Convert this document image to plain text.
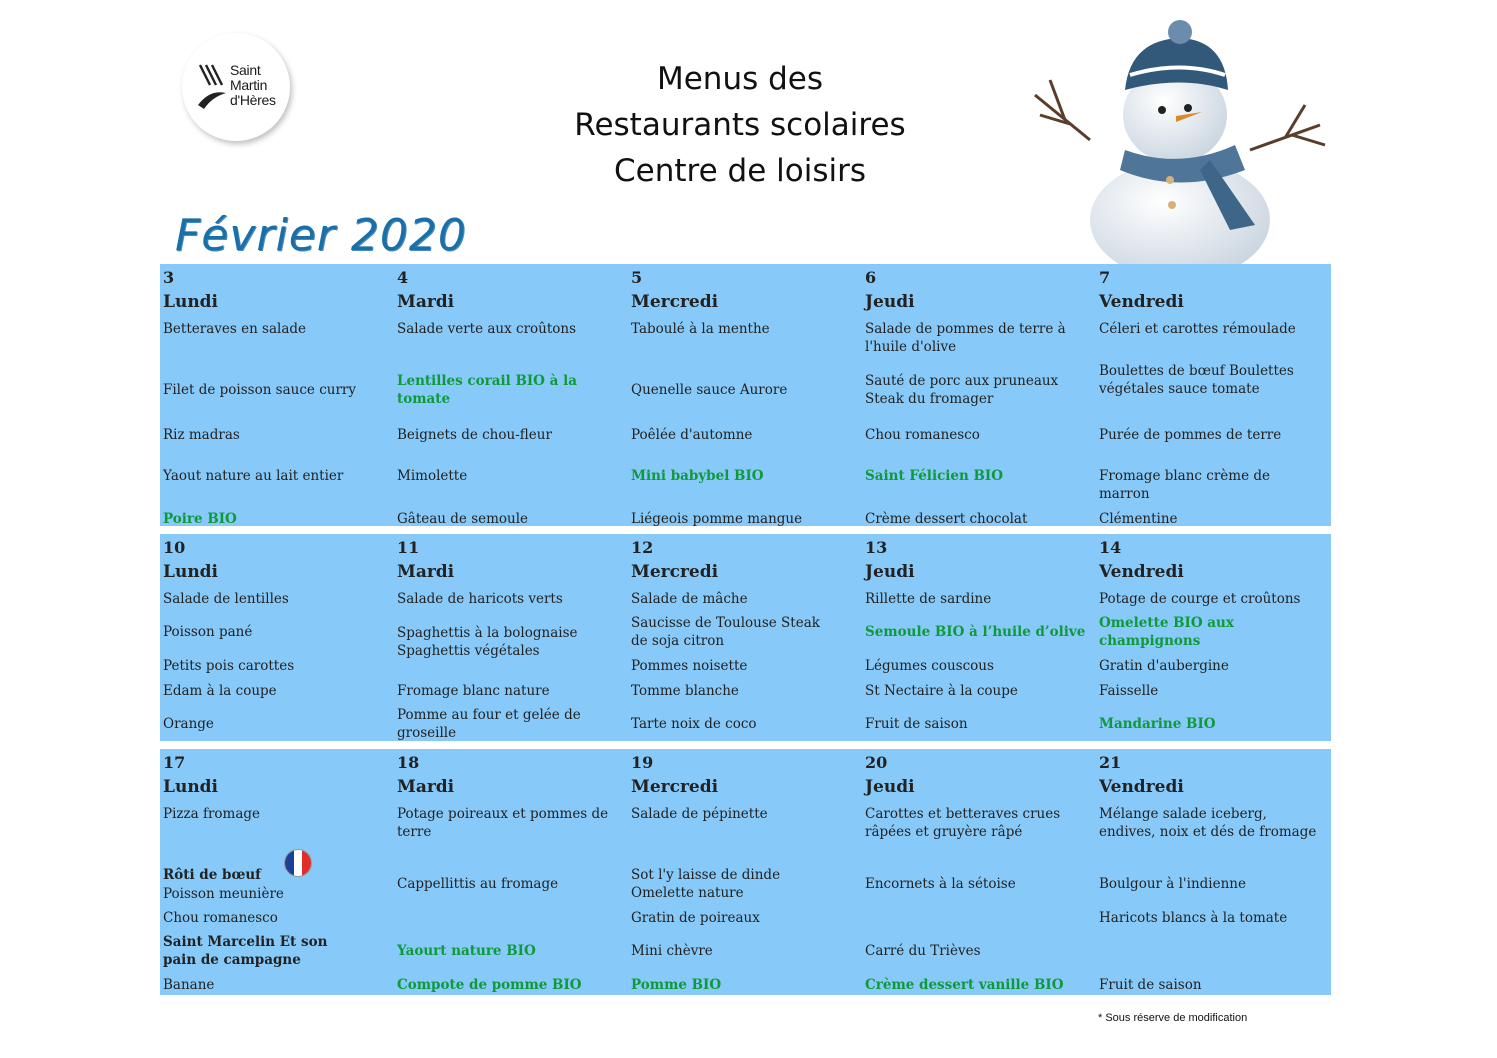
Saint
Martin
d'Hères
Menus des
Restaurants scolaires
Centre de loisirs
Février 2020
3
Lundi
Betteraves en salade
Filet de poisson sauce curry
Riz madras
Yaout nature au lait entier
Poire BIO
4
Mardi
Salade verte aux croûtons
Lentilles corail BIO à la tomate
Beignets de chou-fleur
Mimolette
Gâteau de semoule
5
Mercredi
Taboulé à la menthe
Quenelle sauce Aurore
Poêlée d'automne
Mini babybel BIO
Liégeois pomme mangue
6
Jeudi
Salade de pommes de terre à l'huile d'olive
Sauté de porc aux pruneaux Steak du fromager
Chou romanesco
Saint Félicien BIO
Crème dessert chocolat
7
Vendredi
Céleri et carottes rémoulade
Boulettes de bœuf Boulettes végétales sauce tomate
Purée de pommes de terre
Fromage blanc crème de marron
Clémentine
10
Lundi
Salade de lentilles
Poisson pané
Petits pois carottes
Edam à la coupe
Orange
11
Mardi
Salade de haricots verts
Spaghettis à la bolognaise Spaghettis végétales
Fromage blanc nature
Pomme au four et gelée de groseille
12
Mercredi
Salade de mâche
Saucisse de Toulouse Steak de soja citron
Pommes noisette
Tomme blanche
Tarte noix de coco
13
Jeudi
Rillette de sardine
Semoule BIO à l’huile d’olive
Légumes couscous
St Nectaire à la coupe
Fruit de saison
14
Vendredi
Potage de courge et croûtons
Omelette BIO aux champignons
Gratin d'aubergine
Faisselle
Mandarine BIO
17
Lundi
Pizza fromage
Rôti de bœuf
Poisson meunière
Chou romanesco
Saint Marcelin Et son pain de campagne
Banane
18
Mardi
Potage poireaux et pommes de terre
Cappellittis au fromage
Yaourt nature BIO
Compote de pomme BIO
19
Mercredi
Salade de pépinette
Sot l'y laisse de dinde Omelette nature
Gratin de poireaux
Mini chèvre
Pomme BIO
20
Jeudi
Carottes et betteraves crues râpées et gruyère râpé
Encornets à la sétoise
Carré du Trièves
Crème dessert vanille BIO
21
Vendredi
Mélange salade iceberg, endives, noix et dés de fromage
Boulgour à l'indienne
Haricots blancs à la tomate
Fruit de saison
* Sous réserve de modification
